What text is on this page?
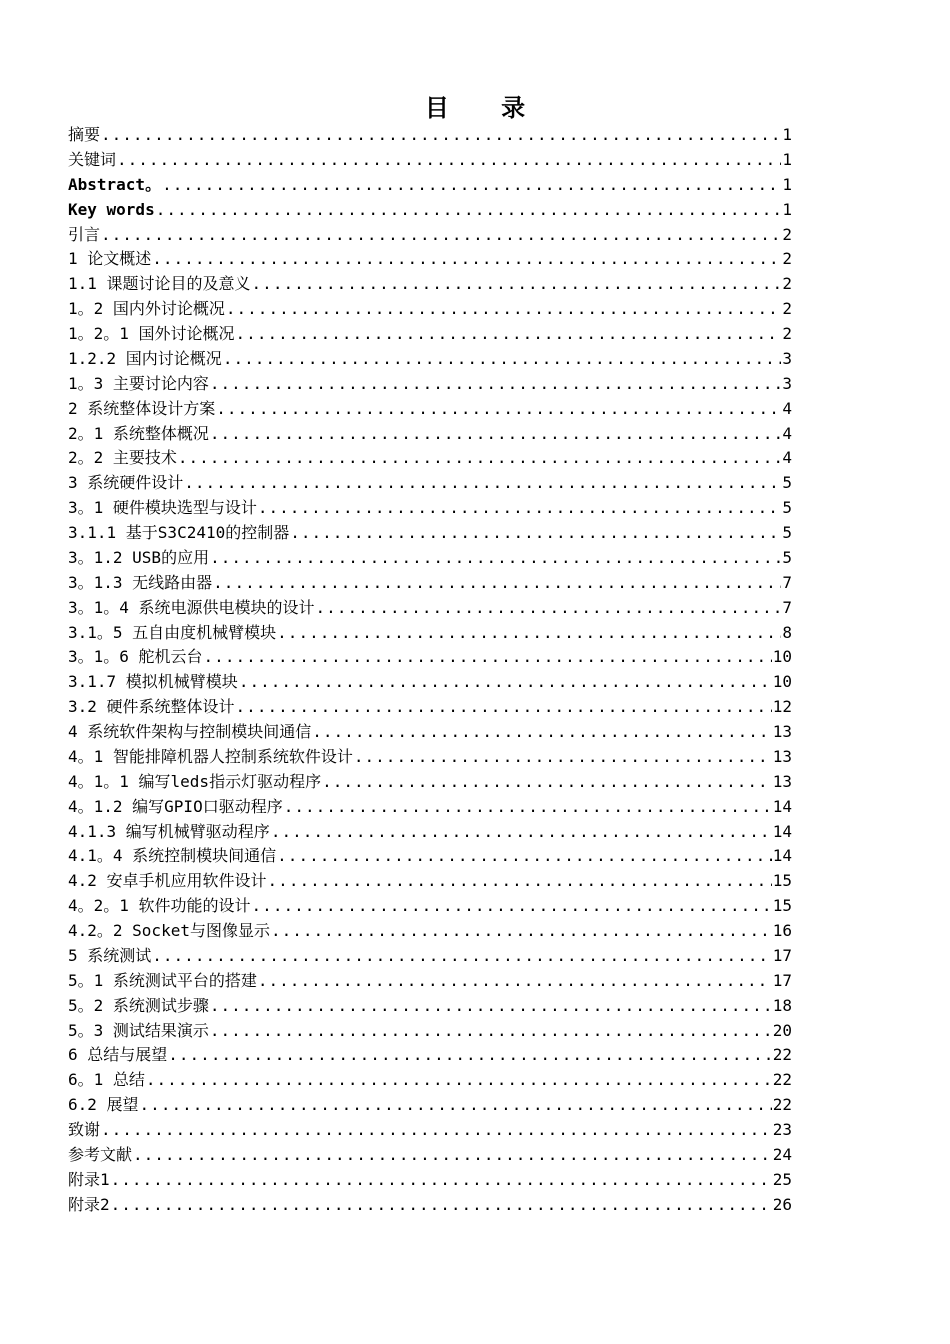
目 录
摘要 .....	1
关键词 .....	1
Abstract。 .....	1
Key words .....	1
引言 .....	2
1 论文概述 .....	2
1.1 课题讨论目的及意义 .....	2
1。2 国内外讨论概况 .....	2
1。2。1 国外讨论概况 .....	2
1.2.2 国内讨论概况 .....	3
1。3 主要讨论内容 .....	3
2 系统整体设计方案 .....	4
2。1 系统整体概况 .....	4
2。2 主要技术 .....	4
3 系统硬件设计 .....	5
3。1 硬件模块选型与设计 .....	5
3.1.1 基于S3C2410的控制器 .....	5
3。1.2 USB的应用 .....	5
3。1.3 无线路由器 .....	7
3。1。4 系统电源供电模块的设计 .....	7
3.1。5 五自由度机械臂模块 .....	8
3。1。6 舵机云台 .....	10
3.1.7 模拟机械臂模块 .....	10
3.2 硬件系统整体设计 .....	12
4 系统软件架构与控制模块间通信 .....	13
4。1 智能排障机器人控制系统软件设计 .....	13
4。1。1 编写leds指示灯驱动程序 .....	13
4。1.2 编写GPIO口驱动程序 .....	14
4.1.3 编写机械臂驱动程序 .....	14
4.1。4 系统控制模块间通信 .....	14
4.2 安卓手机应用软件设计 .....	15
4。2。1 软件功能的设计 .....	15
4.2。2 Socket与图像显示 .....	16
5 系统测试 .....	17
5。1 系统测试平台的搭建 .....	17
5。2 系统测试步骤 .....	18
5。3 测试结果演示 .....	20
6 总结与展望 .....	22
6。1 总结 .....	22
6.2 展望 .....	22
致谢 .....	23
参考文献 .....	24
附录1 .....	25
附录2 .....	26
